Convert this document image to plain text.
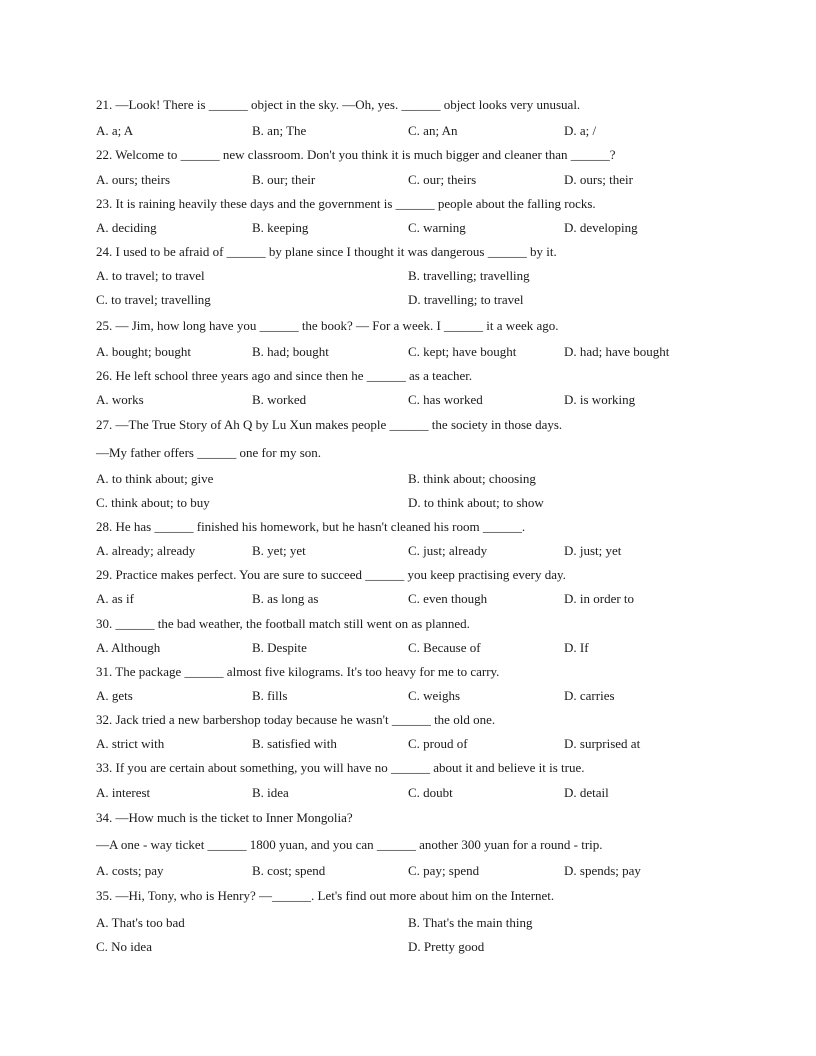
21. —Look! There is ______ object in the sky. —Oh, yes. ______ object looks very unusual.
A. a; A	B. an; The	C. an; An	D. a; /
22. Welcome to ______ new classroom. Don't you think it is much bigger and cleaner than ______?
A. ours; theirs	B. our; their	C. our; theirs	D. ours; their
23. It is raining heavily these days and the government is ______ people about the falling rocks.
A. deciding	B. keeping	C. warning	D. developing
24. I used to be afraid of ______ by plane since I thought it was dangerous ______ by it.
A. to travel; to travel	B. travelling; travelling
C. to travel; travelling	D. travelling; to travel
25. — Jim, how long have you ______ the book? — For a week. I ______ it a week ago.
A. bought; bought	B. had; bought	C. kept; have bought	D. had; have bought
26. He left school three years ago and since then he ______ as a teacher.
A. works	B. worked	C. has worked	D. is working
27. —The True Story of Ah Q by Lu Xun makes people ______ the society in those days.
—My father offers ______ one for my son.
A. to think about; give	B. think about; choosing
C. think about; to buy	D. to think about; to show
28. He has ______ finished his homework, but he hasn't cleaned his room ______.
A. already; already	B. yet; yet	C. just; already	D. just; yet
29. Practice makes perfect. You are sure to succeed ______ you keep practising every day.
A. as if	B. as long as	C. even though	D. in order to
30. ______ the bad weather, the football match still went on as planned.
A. Although	B. Despite	C. Because of	D. If
31. The package ______ almost five kilograms. It's too heavy for me to carry.
A. gets	B. fills	C. weighs	D. carries
32. Jack tried a new barbershop today because he wasn't ______ the old one.
A. strict with	B. satisfied with	C. proud of	D. surprised at
33. If you are certain about something, you will have no ______ about it and believe it is true.
A. interest	B. idea	C. doubt	D. detail
34. —How much is the ticket to Inner Mongolia?
—A one - way ticket ______ 1800 yuan, and you can ______ another 300 yuan for a round - trip.
A. costs; pay	B. cost; spend	C. pay; spend	D. spends; pay
35. —Hi, Tony, who is Henry? —______. Let's find out more about him on the Internet.
A. That's too bad	B. That's the main thing
C. No idea	D. Pretty good
